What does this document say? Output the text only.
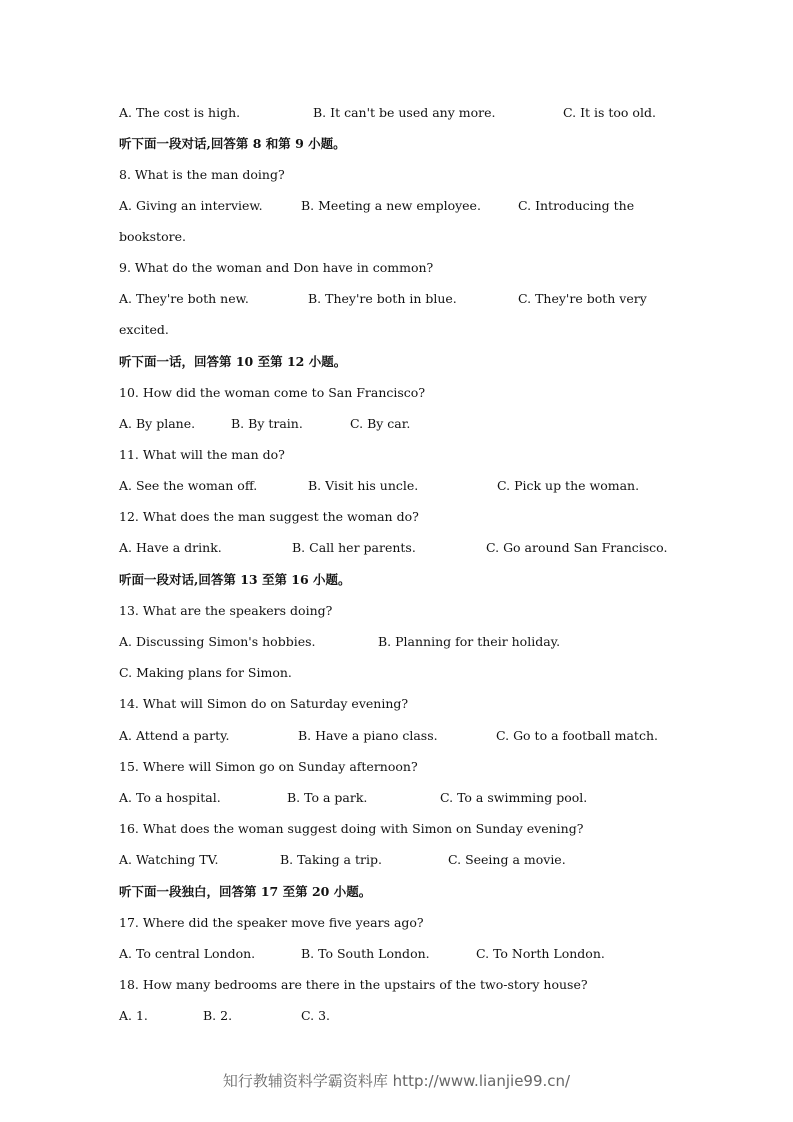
A. The cost is high.	B. It can't be used any more.	C. It is too old.
听下面一段对话,回答第 8 和第 9 小题。
8. What is the man doing?
A. Giving an interview.	B. Meeting a new employee.	C. Introducing the
bookstore.
9. What do the woman and Don have in common?
A. They're both new.	B. They're both in blue.	C. They're both very
excited.
听下面一话，回答第 10 至第 12 小题。
10. How did the woman come to San Francisco?
A. By plane.	B. By train.	C. By car.
11. What will the man do?
A. See the woman off.	B. Visit his uncle.	C. Pick up the woman.
12. What does the man suggest the woman do?
A. Have a drink.	B. Call her parents.	C. Go around San Francisco.
听面一段对话,回答第 13 至第 16 小题。
13. What are the speakers doing?
A. Discussing Simon's hobbies.	B. Planning for their holiday.
C. Making plans for Simon.
14. What will Simon do on Saturday evening?
A. Attend a party.	B. Have a piano class.	C. Go to a football match.
15. Where will Simon go on Sunday afternoon?
A. To a hospital.	B. To a park.	C. To a swimming pool.
16. What does the woman suggest doing with Simon on Sunday evening?
A. Watching TV.	B. Taking a trip.	C. Seeing a movie.
听下面一段独白，回答第 17 至第 20 小题。
17. Where did the speaker move five years ago?
A. To central London.	B. To South London.	C. To North London.
18. How many bedrooms are there in the upstairs of the two-story house?
A. 1.	B. 2.	C. 3.
知行教辅资料学霸资料库 http://www.lianjie99.cn/
